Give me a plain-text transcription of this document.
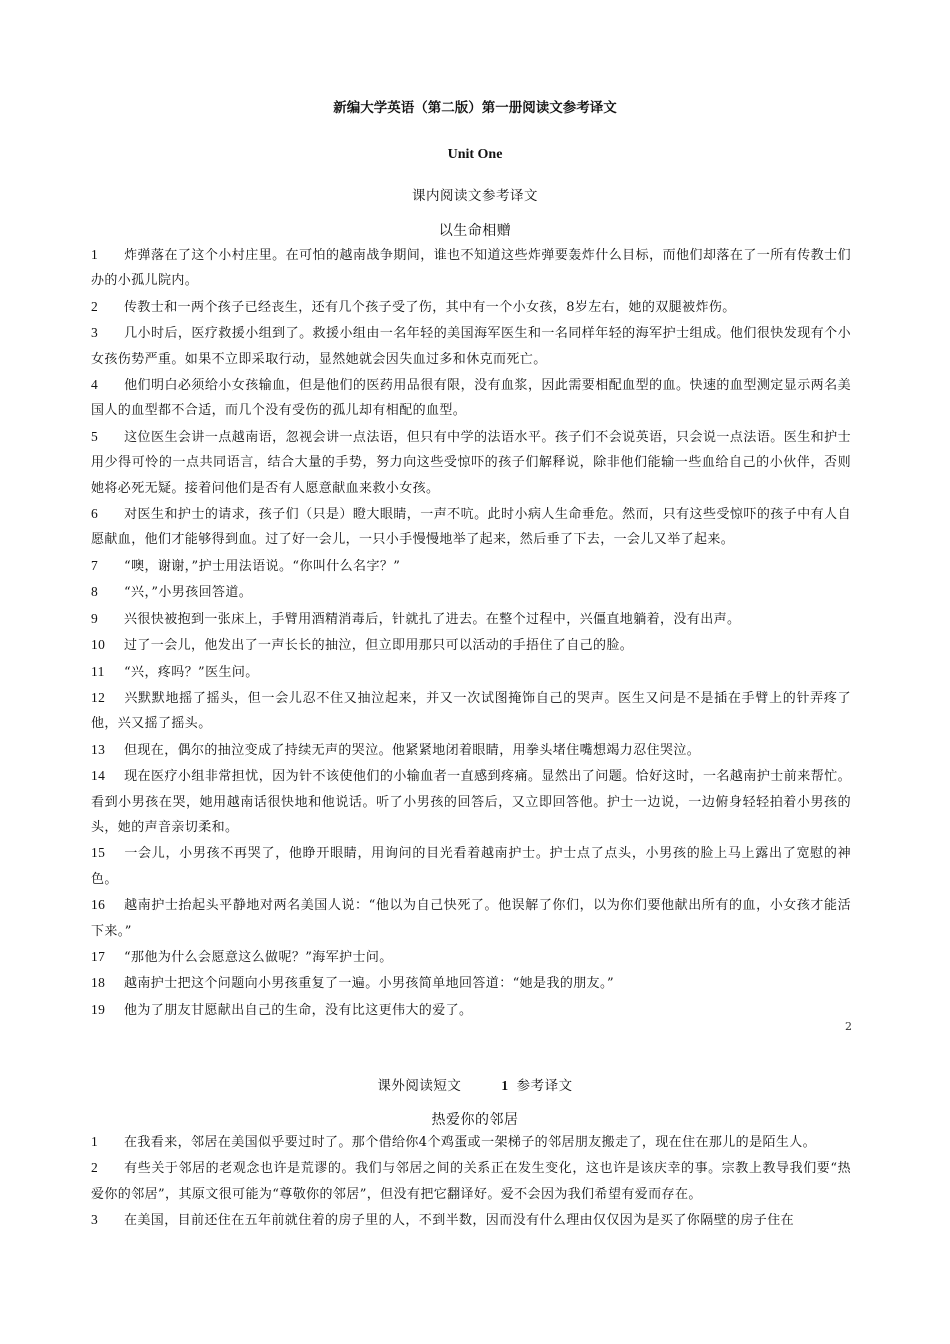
新编大学英语（第二版）第一册阅读文参考译文
Unit One
课内阅读文参考译文
以生命相赠

1 炸弹落在了这个小村庄里。在可怕的越南战争期间，谁也不知道这些炸弹要轰炸什么目标，而他们却落在了一所有传教士们办的小孤儿院内。

2 传教士和一两个孩子已经丧生，还有几个孩子受了伤，其中有一个小女孩，8岁左右，她的双腿被炸伤。

3 几小时后，医疗救援小组到了。救援小组由一名年轻的美国海军医生和一名同样年轻的海军护士组成。他们很快发现有个小女孩伤势严重。如果不立即采取行动，显然她就会因失血过多和休克而死亡。

4 他们明白必须给小女孩输血，但是他们的医药用品很有限，没有血浆，因此需要相配血型的血。快速的血型测定显示两名美国人的血型都不合适，而几个没有受伤的孤儿却有相配的血型。

5 这位医生会讲一点越南语，忽视会讲一点法语，但只有中学的法语水平。孩子们不会说英语，只会说一点法语。医生和护士用少得可怜的一点共同语言，结合大量的手势，努力向这些受惊吓的孩子们解释说，除非他们能输一些血给自己的小伙伴，否则她将必死无疑。接着问他们是否有人愿意献血来救小女孩。

6 对医生和护士的请求，孩子们（只是）瞪大眼睛，一声不吭。此时小病人生命垂危。然而，只有这些受惊吓的孩子中有人自愿献血，他们才能够得到血。过了好一会儿，一只小手慢慢地举了起来，然后垂了下去，一会儿又举了起来。

7 “噢，谢谢，”护士用法语说。“你叫什么名字？”

8 “兴，”小男孩回答道。

9 兴很快被抱到一张床上，手臂用酒精消毒后，针就扎了进去。在整个过程中，兴僵直地躺着，没有出声。

10 过了一会儿，他发出了一声长长的抽泣，但立即用那只可以活动的手捂住了自己的脸。

11 “兴，疼吗？”医生问。

12 兴默默地摇了摇头，但一会儿忍不住又抽泣起来，并又一次试图掩饰自己的哭声。医生又问是不是插在手臂上的针弄疼了他，兴又摇了摇头。

13 但现在，偶尔的抽泣变成了持续无声的哭泣。他紧紧地闭着眼睛，用拳头堵住嘴想竭力忍住哭泣。

14 现在医疗小组非常担忧，因为针不该使他们的小输血者一直感到疼痛。显然出了问题。恰好这时，一名越南护士前来帮忙。看到小男孩在哭，她用越南话很快地和他说话。听了小男孩的回答后，又立即回答他。护士一边说，一边俯身轻轻拍着小男孩的头，她的声音亲切柔和。

15 一会儿，小男孩不再哭了，他睁开眼睛，用询问的目光看着越南护士。护士点了点头，小男孩的脸上马上露出了宽慰的神色。

16 越南护士抬起头平静地对两名美国人说：“他以为自己快死了。他误解了你们，以为你们要他献出所有的血，小女孩才能活下来。”

17 “那他为什么会愿意这么做呢？”海军护士问。

18 越南护士把这个问题向小男孩重复了一遍。小男孩简单地回答道：“她是我的朋友。”

19 他为了朋友甘愿献出自己的生命，没有比这更伟大的爱了。

2
课外阅读短文	1 参考译文
热爱你的邻居

1 在我看来，邻居在美国似乎要过时了。那个借给你4个鸡蛋或一架梯子的邻居朋友搬走了，现在住在那儿的是陌生人。

2 有些关于邻居的老观念也许是荒谬的。我们与邻居之间的关系正在发生变化，这也许是该庆幸的事。宗教上教导我们要“热爱你的邻居”，其原文很可能为“尊敬你的邻居”，但没有把它翻译好。爱不会因为我们希望有爱而存在。

3 在美国，目前还住在五年前就住着的房子里的人，不到半数，因而没有什么理由仅仅因为是买了你隔壁的房子住在
